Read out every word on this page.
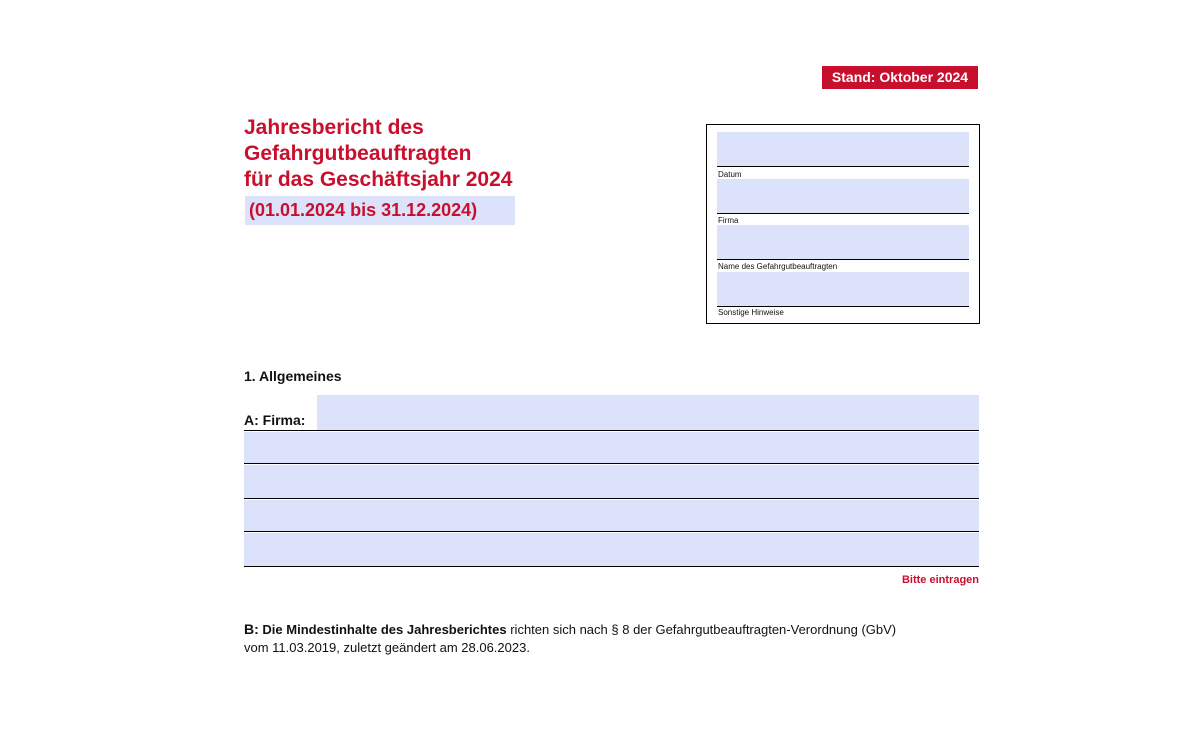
Stand: Oktober 2024
Jahresbericht des
Gefahrgutbeauftragten
für das Geschäftsjahr 2024
(01.01.2024 bis 31.12.2024)
Datum
Firma
Name des Gefahrgutbeauftragten
Sonstige Hinweise
1. Allgemeines
A: Firma:
Bitte eintragen
B: Die Mindestinhalte des Jahresberichtes richten sich nach § 8 der Gefahrgutbeauftragten-Verordnung (GbV)
vom 11.03.2019, zuletzt geändert am 28.06.2023.
